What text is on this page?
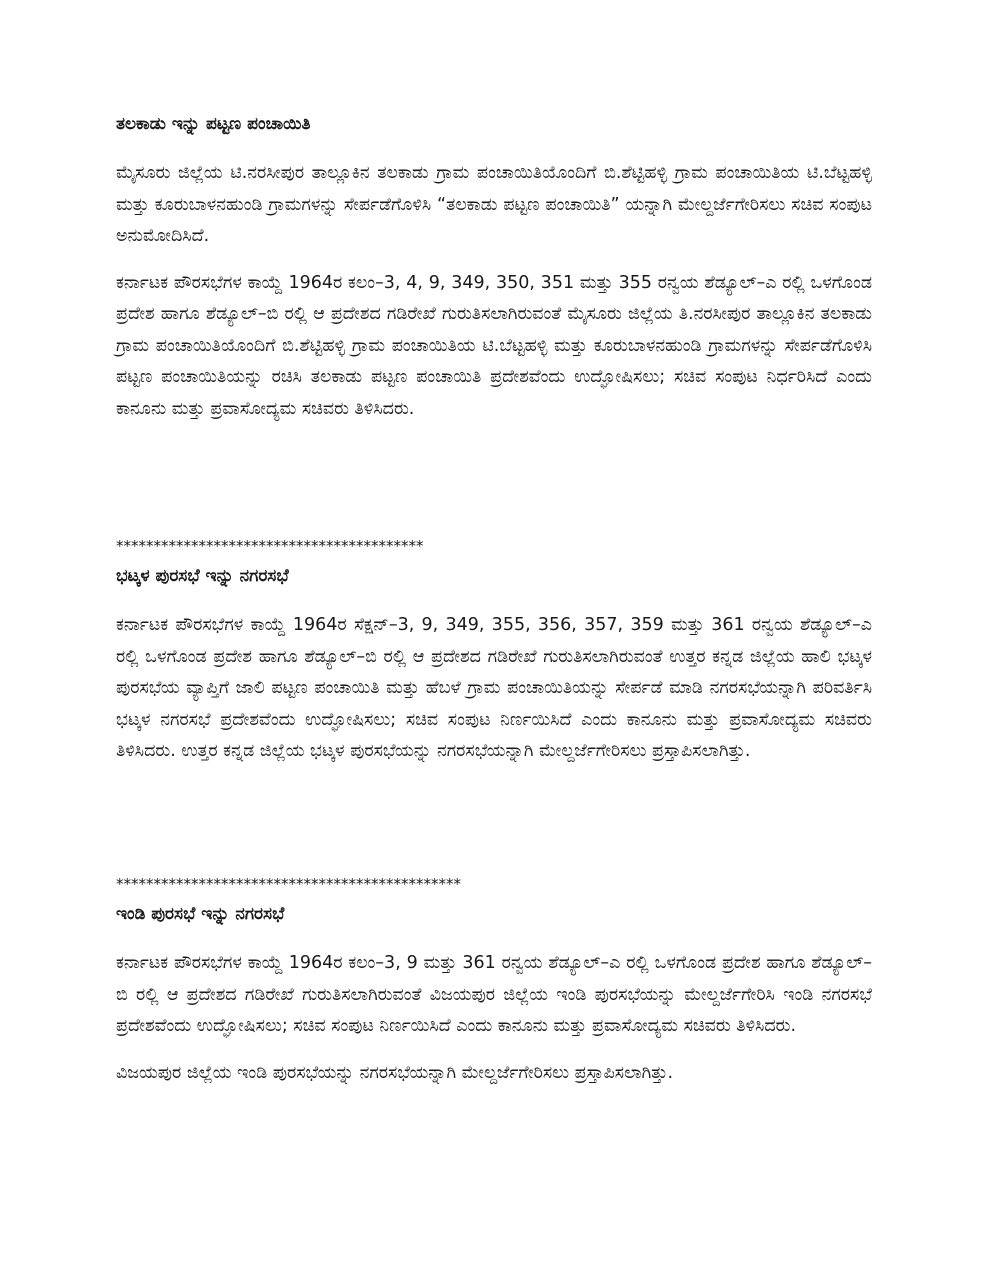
ತಲಕಾಡು ಇನ್ನು ಪಟ್ಟಣ ಪಂಚಾಯಿತಿ

ಮೈಸೂರು ಜಿಲ್ಲೆಯ ಟಿ.ನರಸೀಪುರ ತಾಲ್ಲೂಕಿನ ತಲಕಾಡು ಗ್ರಾಮ ಪಂಚಾಯಿತಿಯೊಂದಿಗೆ ಬಿ.ಶೆಟ್ಟಿಹಳ್ಳಿ ಗ್ರಾಮ ಪಂಚಾಯಿತಿಯ ಟಿ.ಬೆಟ್ಟಹಳ್ಳಿ ಮತ್ತು ಕೂರುಬಾಳನಹುಂಡಿ ಗ್ರಾಮಗಳನ್ನು ಸೇರ್ಪಡೆಗೊಳಿಸಿ “ತಲಕಾಡು ಪಟ್ಟಣ ಪಂಚಾಯಿತಿ” ಯನ್ನಾಗಿ ಮೇಲ್ದರ್ಜೆಗೇರಿಸಲು ಸಚಿವ ಸಂಪುಟ ಅನುಮೋದಿಸಿದೆ.

ಕರ್ನಾಟಕ ಪೌರಸಭೆಗಳ ಕಾಯ್ದೆ 1964ರ ಕಲಂ–3, 4, 9, 349, 350, 351 ಮತ್ತು 355 ರನ್ವಯ ಶೆಡ್ಯೂಲ್–ಎ ರಲ್ಲಿ ಒಳಗೊಂಡ ಪ್ರದೇಶ ಹಾಗೂ ಶೆಡ್ಯೂಲ್–ಬಿ ರಲ್ಲಿ ಆ ಪ್ರದೇಶದ ಗಡಿರೇಖೆ ಗುರುತಿಸಲಾಗಿರುವಂತೆ ಮೈಸೂರು ಜಿಲ್ಲೆಯ ತಿ.ನರಸೀಪುರ ತಾಲ್ಲೂಕಿನ ತಲಕಾಡು ಗ್ರಾಮ ಪಂಚಾಯಿತಿಯೊಂದಿಗೆ ಬಿ.ಶೆಟ್ಟಿಹಳ್ಳಿ ಗ್ರಾಮ ಪಂಚಾಯಿತಿಯ ಟಿ.ಬೆಟ್ಟಹಳ್ಳಿ ಮತ್ತು ಕೂರುಬಾಳನಹುಂಡಿ ಗ್ರಾಮಗಳನ್ನು ಸೇರ್ಪಡೆಗೊಳಿಸಿ ಪಟ್ಟಣ ಪಂಚಾಯಿತಿಯನ್ನು ರಚಿಸಿ ತಲಕಾಡು ಪಟ್ಟಣ ಪಂಚಾಯಿತಿ ಪ್ರದೇಶವೆಂದು ಉದ್ಘೋಷಿಸಲು; ಸಚಿವ ಸಂಪುಟ ನಿರ್ಧರಿಸಿದೆ ಎಂದು ಕಾನೂನು ಮತ್ತು ಪ್ರವಾಸೋದ್ಯಮ ಸಚಿವರು ತಿಳಿಸಿದರು.

*****************************************
ಭಟ್ಕಳ ಪುರಸಭೆ ಇನ್ನು ನಗರಸಭೆ

ಕರ್ನಾಟಕ ಪೌರಸಭೆಗಳ ಕಾಯ್ದೆ 1964ರ ಸೆಕ್ಷನ್–3, 9, 349, 355, 356, 357, 359 ಮತ್ತು 361 ರನ್ವಯ ಶೆಡ್ಯೂಲ್–ಎ ರಲ್ಲಿ ಒಳಗೊಂಡ ಪ್ರದೇಶ ಹಾಗೂ ಶೆಡ್ಯೂಲ್–ಬಿ ರಲ್ಲಿ ಆ ಪ್ರದೇಶದ ಗಡಿರೇಖೆ ಗುರುತಿಸಲಾಗಿರುವಂತೆ ಉತ್ತರ ಕನ್ನಡ ಜಿಲ್ಲೆಯ ಹಾಲಿ ಭಟ್ಕಳ ಪುರಸಭೆಯ ವ್ಯಾಪ್ತಿಗೆ ಜಾಲಿ ಪಟ್ಟಣ ಪಂಚಾಯಿತಿ ಮತ್ತು ಹೆಬಳೆ ಗ್ರಾಮ ಪಂಚಾಯಿತಿಯನ್ನು ಸೇರ್ಪಡೆ ಮಾಡಿ ನಗರಸಭೆಯನ್ನಾಗಿ ಪರಿವರ್ತಿಸಿ ಭಟ್ಕಳ ನಗರಸಭೆ ಪ್ರದೇಶವೆಂದು ಉದ್ಘೋಷಿಸಲು; ಸಚಿವ ಸಂಪುಟ ನಿರ್ಣಯಿಸಿದೆ ಎಂದು ಕಾನೂನು ಮತ್ತು ಪ್ರವಾಸೋದ್ಯಮ ಸಚಿವರು ತಿಳಿಸಿದರು. ಉತ್ತರ ಕನ್ನಡ ಜಿಲ್ಲೆಯ ಭಟ್ಕಳ ಪುರಸಭೆಯನ್ನು ನಗರಸಭೆಯನ್ನಾಗಿ ಮೇಲ್ದರ್ಜೆಗೇರಿಸಲು ಪ್ರಸ್ತಾಪಿಸಲಾಗಿತ್ತು.

**********************************************
ಇಂಡಿ ಪುರಸಭೆ ಇನ್ನು ನಗರಸಭೆ

ಕರ್ನಾಟಕ ಪೌರಸಭೆಗಳ ಕಾಯ್ದೆ 1964ರ ಕಲಂ–3, 9 ಮತ್ತು 361 ರನ್ವಯ ಶೆಡ್ಯೂಲ್–ಎ ರಲ್ಲಿ ಒಳಗೊಂಡ ಪ್ರದೇಶ ಹಾಗೂ ಶೆಡ್ಯೂಲ್–ಬಿ ರಲ್ಲಿ ಆ ಪ್ರದೇಶದ ಗಡಿರೇಖೆ ಗುರುತಿಸಲಾಗಿರುವಂತೆ ವಿಜಯಪುರ ಜಿಲ್ಲೆಯ ಇಂಡಿ ಪುರಸಭೆಯನ್ನು ಮೇಲ್ದರ್ಜೆಗೇರಿಸಿ ಇಂಡಿ ನಗರಸಭೆ ಪ್ರದೇಶವೆಂದು ಉದ್ಘೋಷಿಸಲು; ಸಚಿವ ಸಂಪುಟ ನಿರ್ಣಯಿಸಿದೆ ಎಂದು ಕಾನೂನು ಮತ್ತು ಪ್ರವಾಸೋದ್ಯಮ ಸಚಿವರು ತಿಳಿಸಿದರು.

ವಿಜಯಪುರ ಜಿಲ್ಲೆಯ ಇಂಡಿ ಪುರಸಭೆಯನ್ನು ನಗರಸಭೆಯನ್ನಾಗಿ ಮೇಲ್ದರ್ಜೆಗೇರಿಸಲು ಪ್ರಸ್ತಾಪಿಸಲಾಗಿತ್ತು.
